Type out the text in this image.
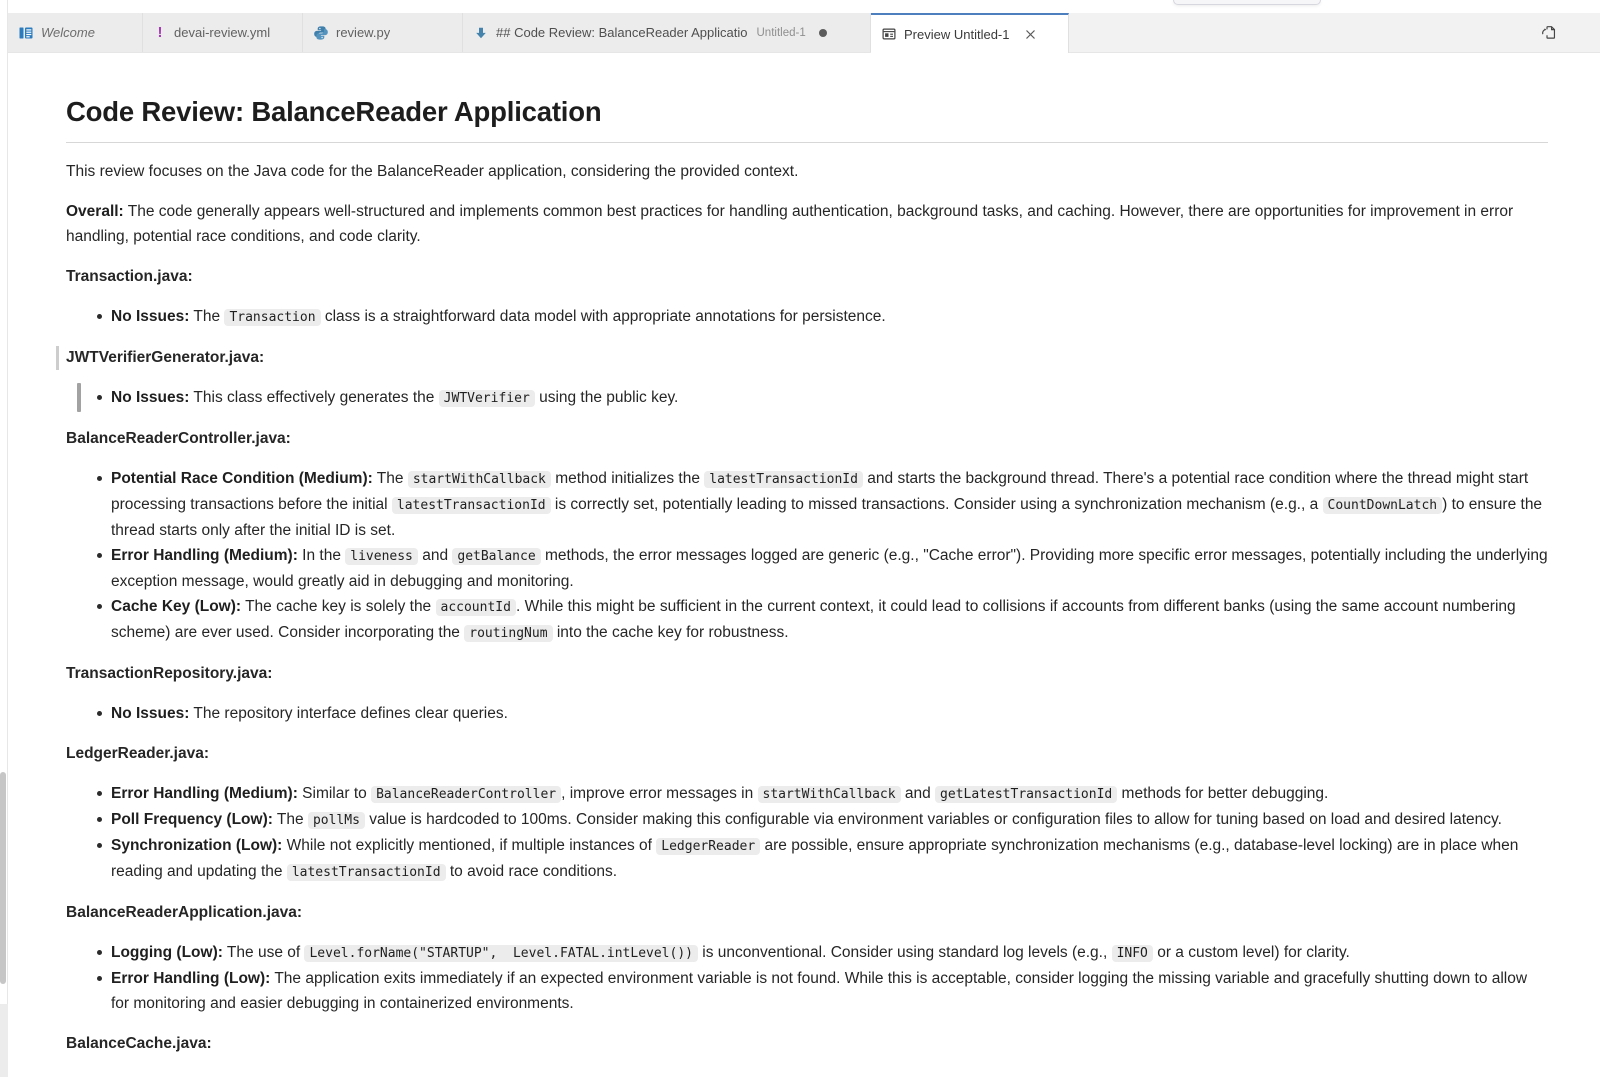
Welcome	! devai-review.yml	review.py	## Code Review: BalanceReader Applicatio Untitled-1	Preview Untitled-1
Code Review: BalanceReader Application

This review focuses on the Java code for the BalanceReader application, considering the provided context.

Overall: The code generally appears well-structured and implements common best practices for handling authentication, background tasks, and caching. However, there are opportunities for improvement in error handling, potential race conditions, and code clarity.

Transaction.java:

No Issues: The Transaction class is a straightforward data model with appropriate annotations for persistence.

JWTVerifierGenerator.java:

No Issues: This class effectively generates the JWTVerifier using the public key.

BalanceReaderController.java:

Potential Race Condition (Medium): The startWithCallback method initializes the latestTransactionId and starts the background thread. There's a potential race condition where the thread might start processing transactions before the initial latestTransactionId is correctly set, potentially leading to missed transactions. Consider using a synchronization mechanism (e.g., a CountDownLatch ) to ensure the thread starts only after the initial ID is set.
Error Handling (Medium): In the liveness and getBalance methods, the error messages logged are generic (e.g., "Cache error"). Providing more specific error messages, potentially including the underlying exception message, would greatly aid in debugging and monitoring.
Cache Key (Low): The cache key is solely the accountId . While this might be sufficient in the current context, it could lead to collisions if accounts from different banks (using the same account numbering scheme) are ever used. Consider incorporating the routingNum into the cache key for robustness.

TransactionRepository.java:

No Issues: The repository interface defines clear queries.

LedgerReader.java:

Error Handling (Medium): Similar to BalanceReaderController , improve error messages in startWithCallback and getLatestTransactionId methods for better debugging.
Poll Frequency (Low): The pollMs value is hardcoded to 100ms. Consider making this configurable via environment variables or configuration files to allow for tuning based on load and desired latency.
Synchronization (Low): While not explicitly mentioned, if multiple instances of LedgerReader are possible, ensure appropriate synchronization mechanisms (e.g., database-level locking) are in place when reading and updating the latestTransactionId to avoid race conditions.

BalanceReaderApplication.java:

Logging (Low): The use of Level.forName("STARTUP",  Level.FATAL.intLevel()) is unconventional. Consider using standard log levels (e.g., INFO or a custom level) for clarity.
Error Handling (Low): The application exits immediately if an expected environment variable is not found. While this is acceptable, consider logging the missing variable and gracefully shutting down to allow for monitoring and easier debugging in containerized environments.

BalanceCache.java:
